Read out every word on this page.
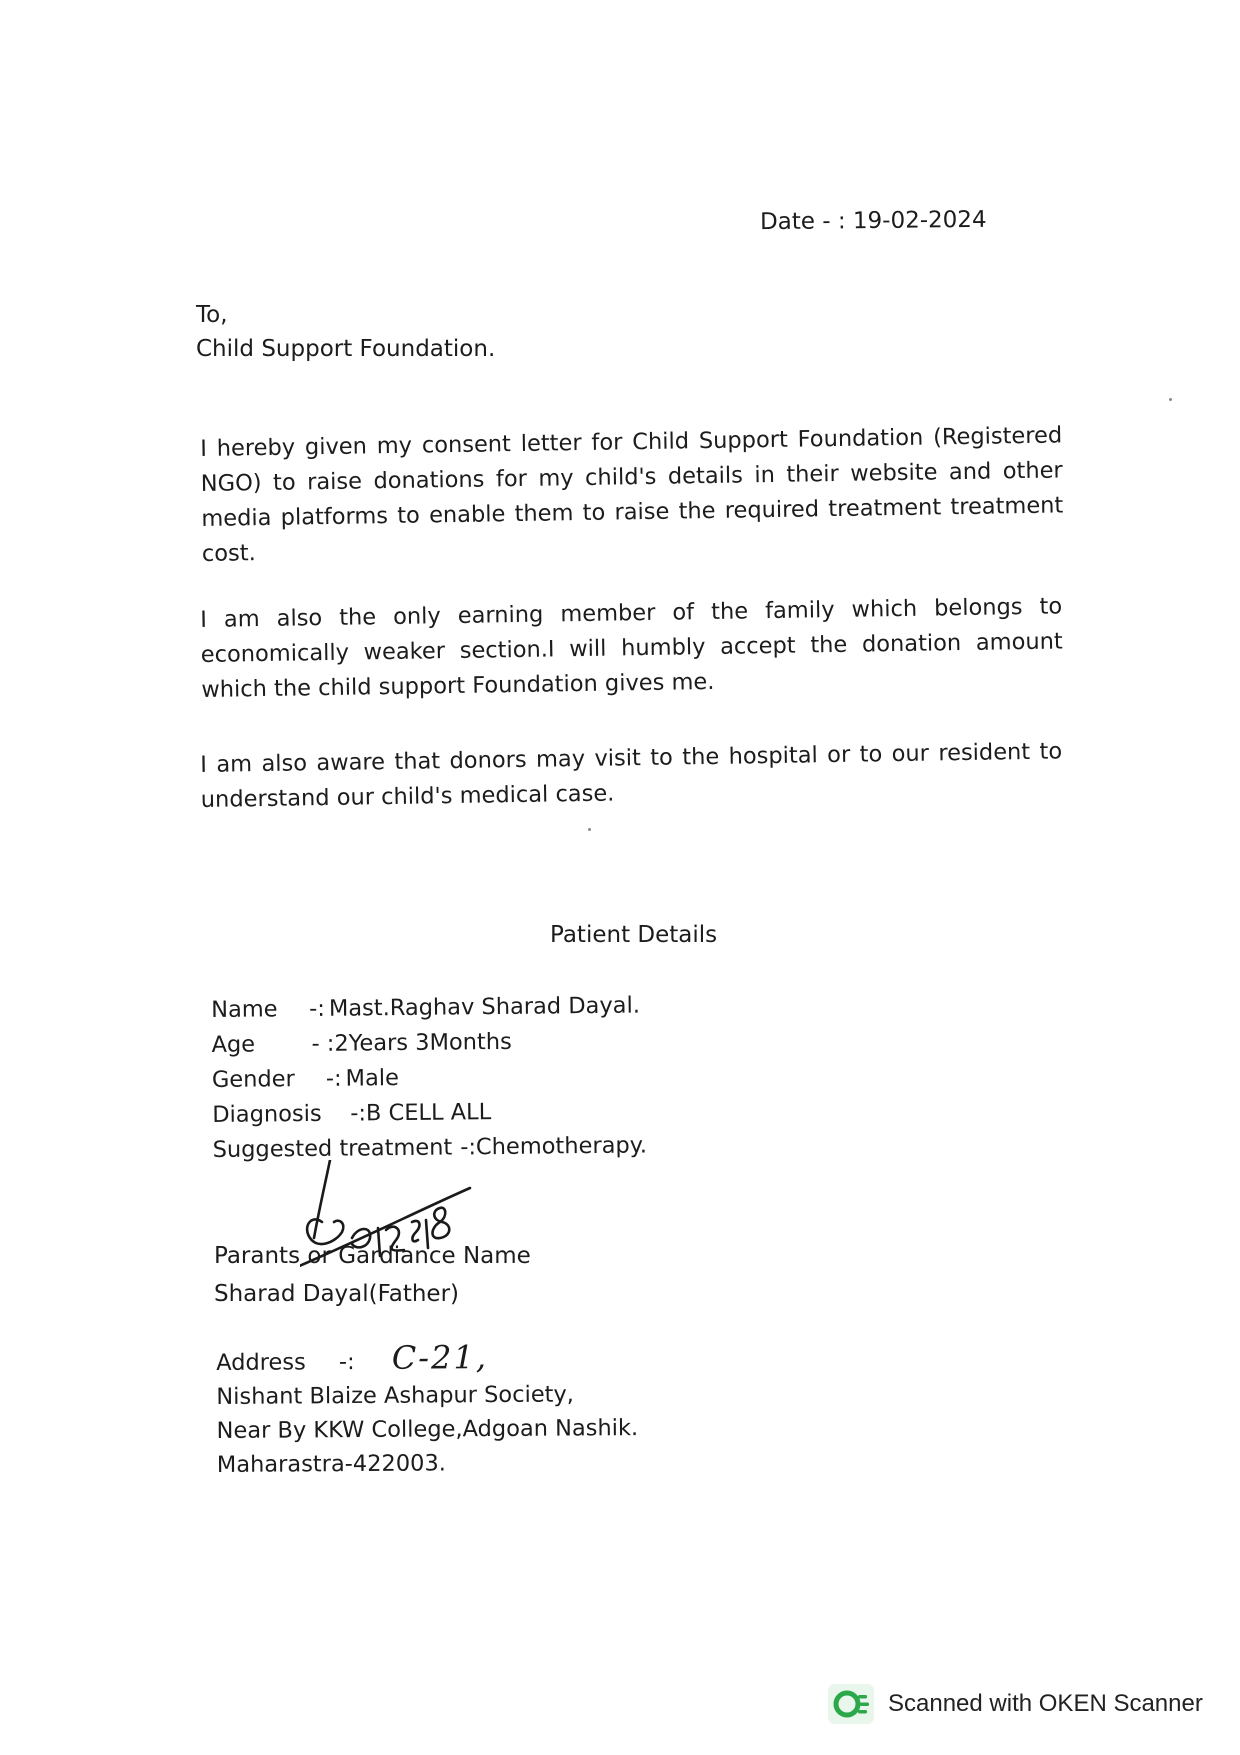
Date - : 19-02-2024
To,
Child Support Foundation.
I hereby given my consent letter for Child Support Foundation (Registered NGO) to raise donations for my child's details in their website and other media platforms to enable them to raise the required treatment treatment cost.
I am also the only earning member of the family which belongs to economically weaker section.I will humbly accept the donation amount which the child support Foundation gives me.
I am also aware that donors may visit to the hospital or to our resident to understand our child's medical case.
Patient Details
Name	-: Mast.Raghav Sharad Dayal.
Age	- :2Years 3Months
Gender	-: Male
Diagnosis	-:B CELL ALL
Suggested treatment -:Chemotherapy.
Parants or Gardiance Name
Sharad Dayal(Father)
Address -: C-21,
Nishant Blaize Ashapur Society,
Near By KKW College,Adgoan Nashik.
Maharastra-422003.
Scanned with OKEN Scanner
